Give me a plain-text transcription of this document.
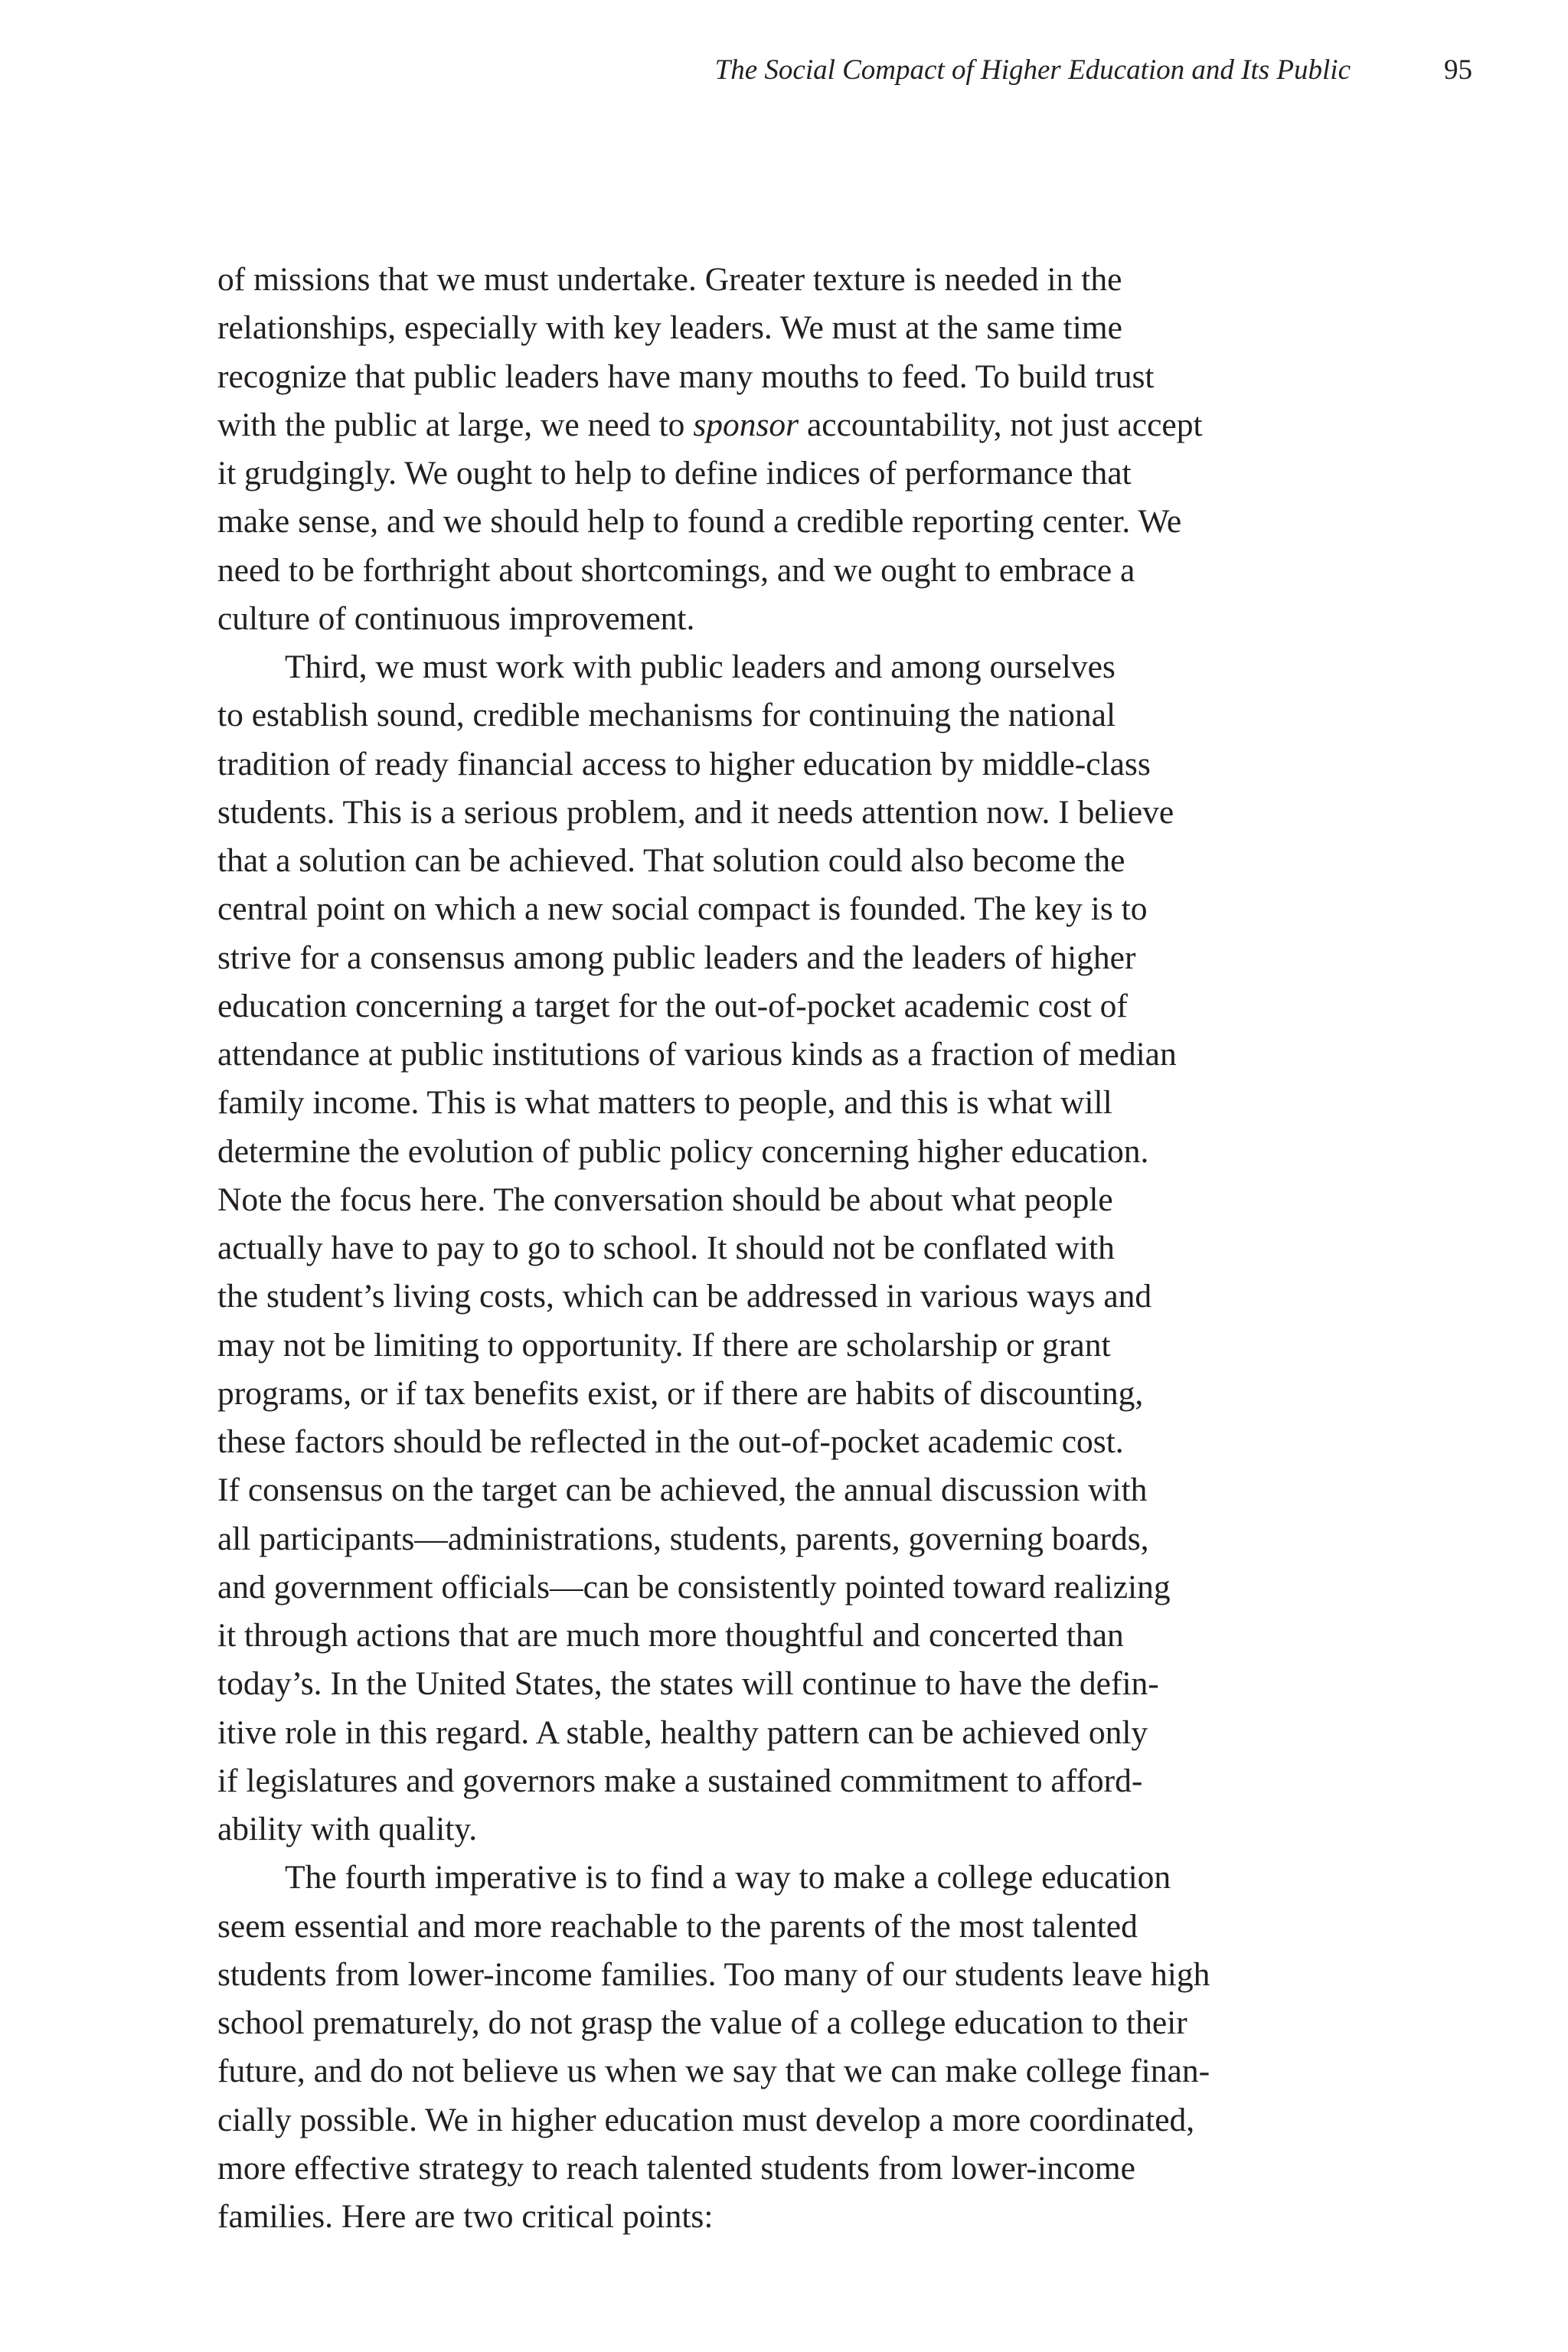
The Social Compact of Higher Education and Its Public	95
of missions that we must undertake. Greater texture is needed in the
relationships, especially with key leaders. We must at the same time
recognize that public leaders have many mouths to feed. To build trust
with the public at large, we need to sponsor accountability, not just accept
it grudgingly. We ought to help to define indices of performance that
make sense, and we should help to found a credible reporting center. We
need to be forthright about shortcomings, and we ought to embrace a
culture of continuous improvement.
Third, we must work with public leaders and among ourselves
to establish sound, credible mechanisms for continuing the national
tradition of ready financial access to higher education by middle-class
students. This is a serious problem, and it needs attention now. I believe
that a solution can be achieved. That solution could also become the
central point on which a new social compact is founded. The key is to
strive for a consensus among public leaders and the leaders of higher
education concerning a target for the out-of-pocket academic cost of
attendance at public institutions of various kinds as a fraction of median
family income. This is what matters to people, and this is what will
determine the evolution of public policy concerning higher education.
Note the focus here. The conversation should be about what people
actually have to pay to go to school. It should not be conflated with
the student’s living costs, which can be addressed in various ways and
may not be limiting to opportunity. If there are scholarship or grant
programs, or if tax benefits exist, or if there are habits of discounting,
these factors should be reflected in the out-of-pocket academic cost.
If consensus on the target can be achieved, the annual discussion with
all participants—administrations, students, parents, governing boards,
and government officials—can be consistently pointed toward realizing
it through actions that are much more thoughtful and concerted than
today’s. In the United States, the states will continue to have the defin-
itive role in this regard. A stable, healthy pattern can be achieved only
if legislatures and governors make a sustained commitment to afford-
ability with quality.
The fourth imperative is to find a way to make a college education
seem essential and more reachable to the parents of the most talented
students from lower-income families. Too many of our students leave high
school prematurely, do not grasp the value of a college education to their
future, and do not believe us when we say that we can make college finan-
cially possible. We in higher education must develop a more coordinated,
more effective strategy to reach talented students from lower-income
families. Here are two critical points:
